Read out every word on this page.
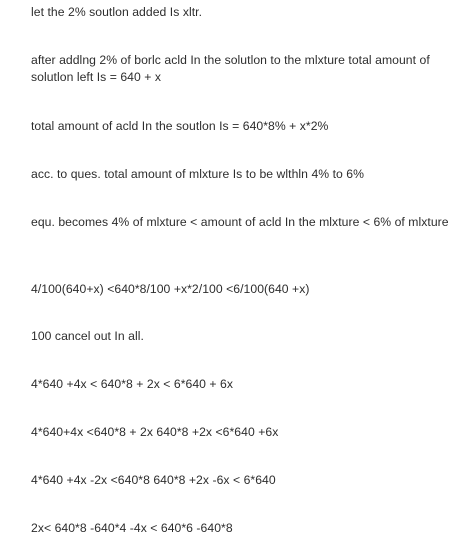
let the 2% soutlon added Is xltr.

after addlng 2% of borlc acld In the solutlon to the mlxture total amount of solutlon left Is = 640 + x

total amount of acld In the soutlon Is = 640*8% + x*2%

acc. to ques. total amount of mlxture Is to be wlthln 4% to 6%

equ. becomes 4% of mlxture < amount of acld In the mlxture < 6% of mlxture

4/100(640+x) <640*8/100 +x*2/100 <6/100(640 +x)

100 cancel out In all.

4*640 +4x < 640*8 + 2x < 6*640 + 6x

4*640+4x <640*8 + 2x 640*8 +2x <6*640 +6x

4*640 +4x -2x <640*8 640*8 +2x -6x < 6*640

2x< 640*8 -640*4 -4x < 640*6 -640*8
